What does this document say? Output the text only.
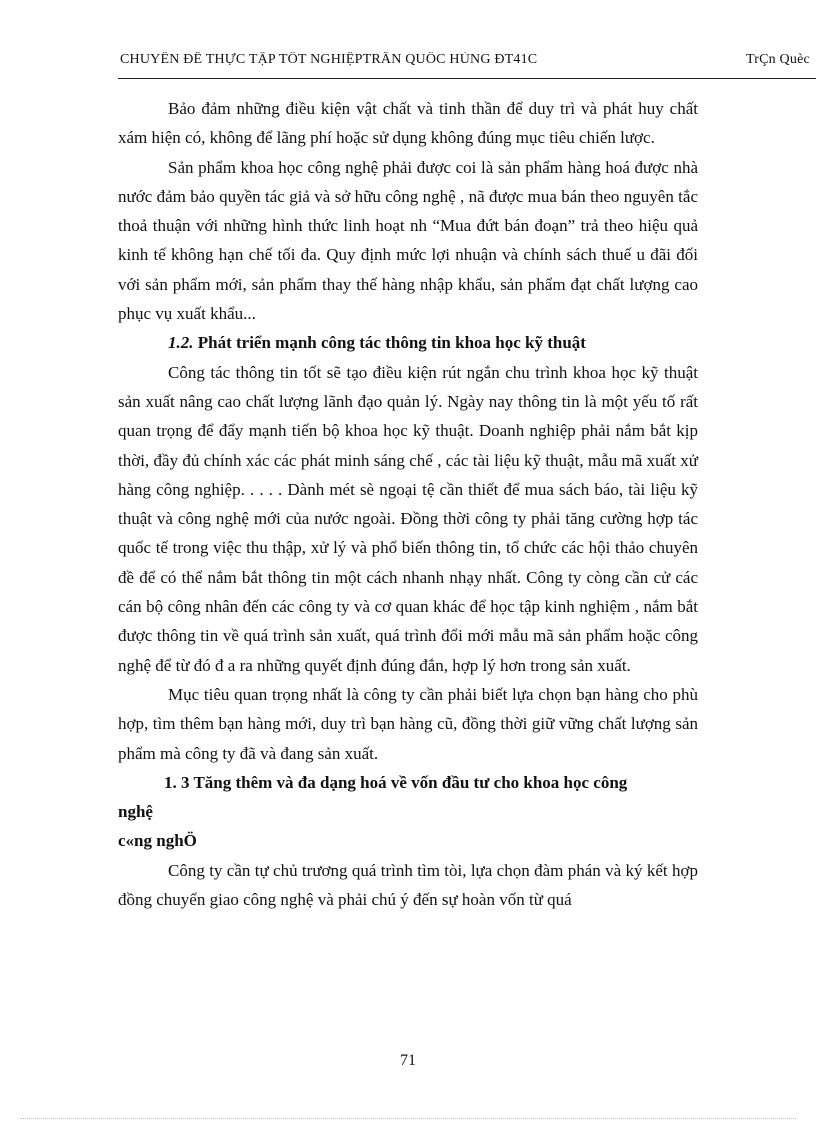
CHUYÊN ĐỀ THỰC TẬP TỐT NGHIỆPTRẦN QUỐC HÙNG ĐT41C	TrÇn Quèc

Bảo đảm những điều kiện vật chất và tinh thần để duy trì và phát huy chất xám hiện có, không để lãng phí hoặc sử dụng không đúng mục tiêu chiến lược.

Sản phẩm khoa học công nghệ phải được coi là sản phẩm hàng hoá được nhà nước đảm bảo quyền tác giả và sở hữu công nghệ , nã được mua bán theo nguyên tắc thoả thuận với những hình thức linh hoạt nh “Mua đứt bán đoạn” trả theo hiệu quả kinh tế không hạn chế tối đa. Quy định mức lợi nhuận và chính sách thuế u đãi đối với sản phẩm mới, sản phẩm thay thế hàng nhập khẩu, sản phẩm đạt chất lượng cao phục vụ xuất khẩu...

1.2. Phát triển mạnh công tác thông tin khoa học kỹ thuật

Công tác thông tin tốt sẽ tạo điều kiện rút ngắn chu trình khoa học kỹ thuật sản xuất nâng cao chất lượng lãnh đạo quản lý. Ngày nay thông tin là một yếu tố rất quan trọng để đẩy mạnh tiến bộ khoa học kỹ thuật. Doanh nghiệp phải nắm bắt kịp thời, đầy đủ chính xác các phát minh sáng chế , các tài liệu kỹ thuật, mẫu mã xuất xử hàng công nghiệp. . . . . Dành mét sè ngoại tệ cần thiết để mua sách báo, tài liệu kỹ thuật và công nghệ mới của nước ngoài. Đồng thời công ty phải tăng cường hợp tác quốc tế trong việc thu thập, xử lý và phổ biến thông tin, tổ chức các hội thảo chuyên đề để có thể nắm bắt thông tin một cách nhanh nhạy nhất. Công ty còng cần cử các cán bộ công nhân đến các công ty và cơ quan khác để học tập kinh nghiệm , nắm bắt được thông tin về quá trình sản xuất, quá trình đổi mới mẫu mã sản phẩm hoặc công nghệ để từ đó đ a ra những quyết định đúng đắn, hợp lý hơn trong sản xuất.

Mục tiêu quan trọng nhất là công ty cần phải biết lựa chọn bạn hàng cho phù hợp, tìm thêm bạn hàng mới, duy trì bạn hàng cũ, đồng thời giữ vững chất lượng sản phẩm mà công ty đã và đang sản xuất.

1. 3 Tăng thêm và đa dạng hoá về vốn đầu tư cho khoa học công
nghệ
c«ng nghÖ

Công ty cần tự chủ trương quá trình tìm tòi, lựa chọn đàm phán và ký kết hợp đồng chuyển giao công nghệ và phải chú ý đến sự hoàn vốn từ quá

71
